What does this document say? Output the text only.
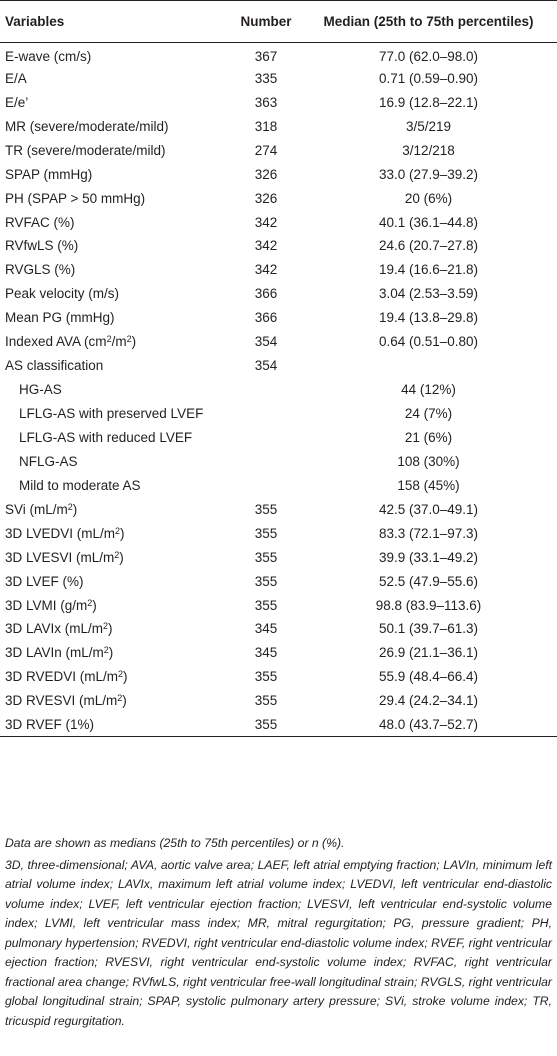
Variables	Number	Median (25th to 75th percentiles)
E-wave (cm/s)	367	77.0 (62.0–98.0)
E/A	335	0.71 (0.59–0.90)
E/e’	363	16.9 (12.8–22.1)
MR (severe/moderate/mild)	318	3/5/219
TR (severe/moderate/mild)	274	3/12/218
SPAP (mmHg)	326	33.0 (27.9–39.2)
PH (SPAP > 50 mmHg)	326	20 (6%)
RVFAC (%)	342	40.1 (36.1–44.8)
RVfwLS (%)	342	24.6 (20.7–27.8)
RVGLS (%)	342	19.4 (16.6–21.8)
Peak velocity (m/s)	366	3.04 (2.53–3.59)
Mean PG (mmHg)	366	19.4 (13.8–29.8)
Indexed AVA $(cm^2/m^2)$	354	0.64 (0.51–0.80)
AS classification	354	
HG-AS		44 (12%)
LFLG-AS with preserved LVEF		24 (7%)
LFLG-AS with reduced LVEF		21 (6%)
NFLG-AS		108 (30%)
Mild to moderate AS		158 (45%)
SVi $(mL/m^2)$	355	42.5 (37.0–49.1)
3D LVEDVI $(mL/m^2)$	355	83.3 (72.1–97.3)
3D LVESVI $(mL/m^2)$	355	39.9 (33.1–49.2)
3D LVEF (%)	355	52.5 (47.9–55.6)
3D LVMI $(g/m^2)$	355	98.8 (83.9–113.6)
3D LAVIx $(mL/m^2)$	345	50.1 (39.7–61.3)
3D LAVIn $(mL/m^2)$	345	26.9 (21.1–36.1)
3D RVEDVI $(mL/m^2)$	355	55.9 (48.4–66.4)
3D RVESVI $(mL/m^2)$	355	29.4 (24.2–34.1)
3D RVEF (1%)	355	48.0 (43.7–52.7)

Data are shown as medians (25th to 75th percentiles) or n (%).

3D, three-dimensional; AVA, aortic valve area; LAEF, left atrial emptying fraction; LAVIn, minimum left atrial volume index; LAVIx, maximum left atrial volume index; LVEDVI, left ventricular end-diastolic volume index; LVEF, left ventricular ejection fraction; LVESVI, left ventricular end-systolic volume index; LVMI, left ventricular mass index; MR, mitral regurgitation; PG, pressure gradient; PH, pulmonary hypertension; RVEDVI, right ventricular end-diastolic volume index; RVEF, right ventricular ejection fraction; RVESVI, right ventricular end-systolic volume index; RVFAC, right ventricular fractional area change; RVfwLS, right ventricular free-wall longitudinal strain; RVGLS, right ventricular global longitudinal strain; SPAP, systolic pulmonary artery pressure; SVi, stroke volume index; TR, tricuspid regurgitation.
